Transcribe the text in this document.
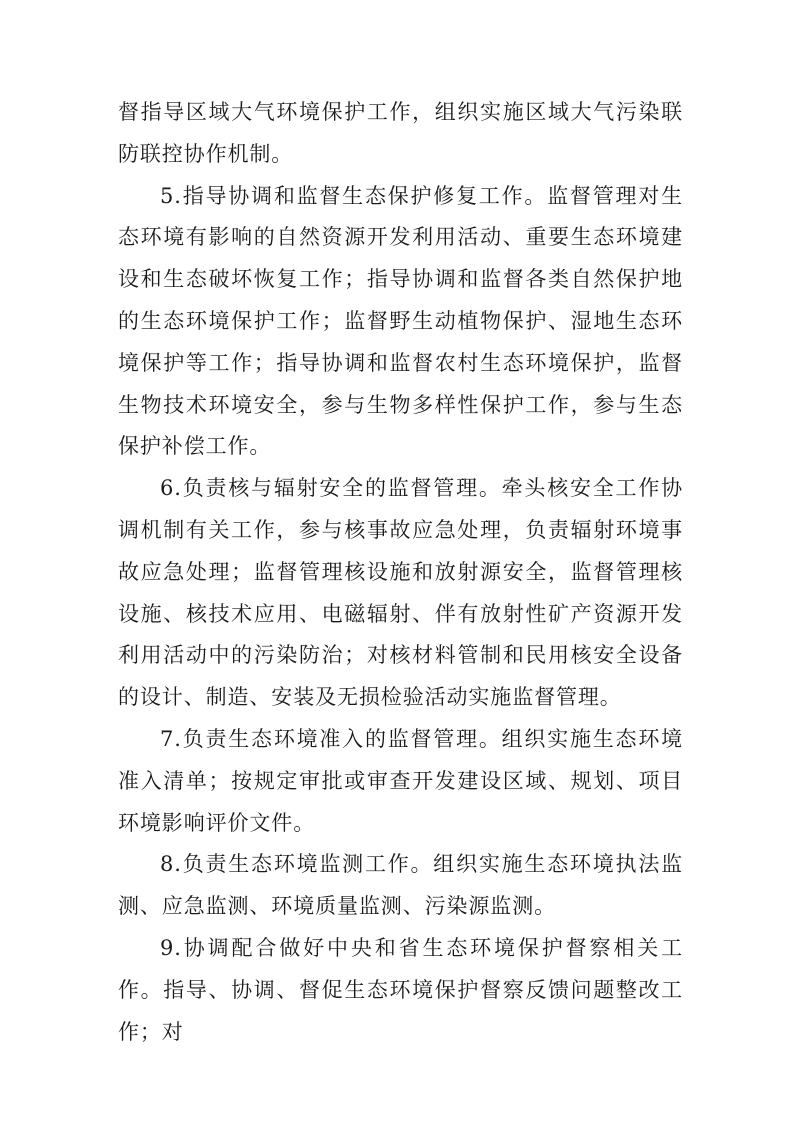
督指导区域大气环境保护工作，组织实施区域大气污染联防联控协作机制。

5.指导协调和监督生态保护修复工作。监督管理对生态环境有影响的自然资源开发利用活动、重要生态环境建设和生态破坏恢复工作；指导协调和监督各类自然保护地的生态环境保护工作；监督野生动植物保护、湿地生态环境保护等工作；指导协调和监督农村生态环境保护，监督生物技术环境安全，参与生物多样性保护工作，参与生态保护补偿工作。

6.负责核与辐射安全的监督管理。牵头核安全工作协调机制有关工作，参与核事故应急处理，负责辐射环境事故应急处理；监督管理核设施和放射源安全，监督管理核设施、核技术应用、电磁辐射、伴有放射性矿产资源开发利用活动中的污染防治；对核材料管制和民用核安全设备的设计、制造、安装及无损检验活动实施监督管理。

7.负责生态环境准入的监督管理。组织实施生态环境准入清单；按规定审批或审查开发建设区域、规划、项目环境影响评价文件。

8.负责生态环境监测工作。组织实施生态环境执法监测、应急监测、环境质量监测、污染源监测。

9.协调配合做好中央和省生态环境保护督察相关工作。指导、协调、督促生态环境保护督察反馈问题整改工作；对
